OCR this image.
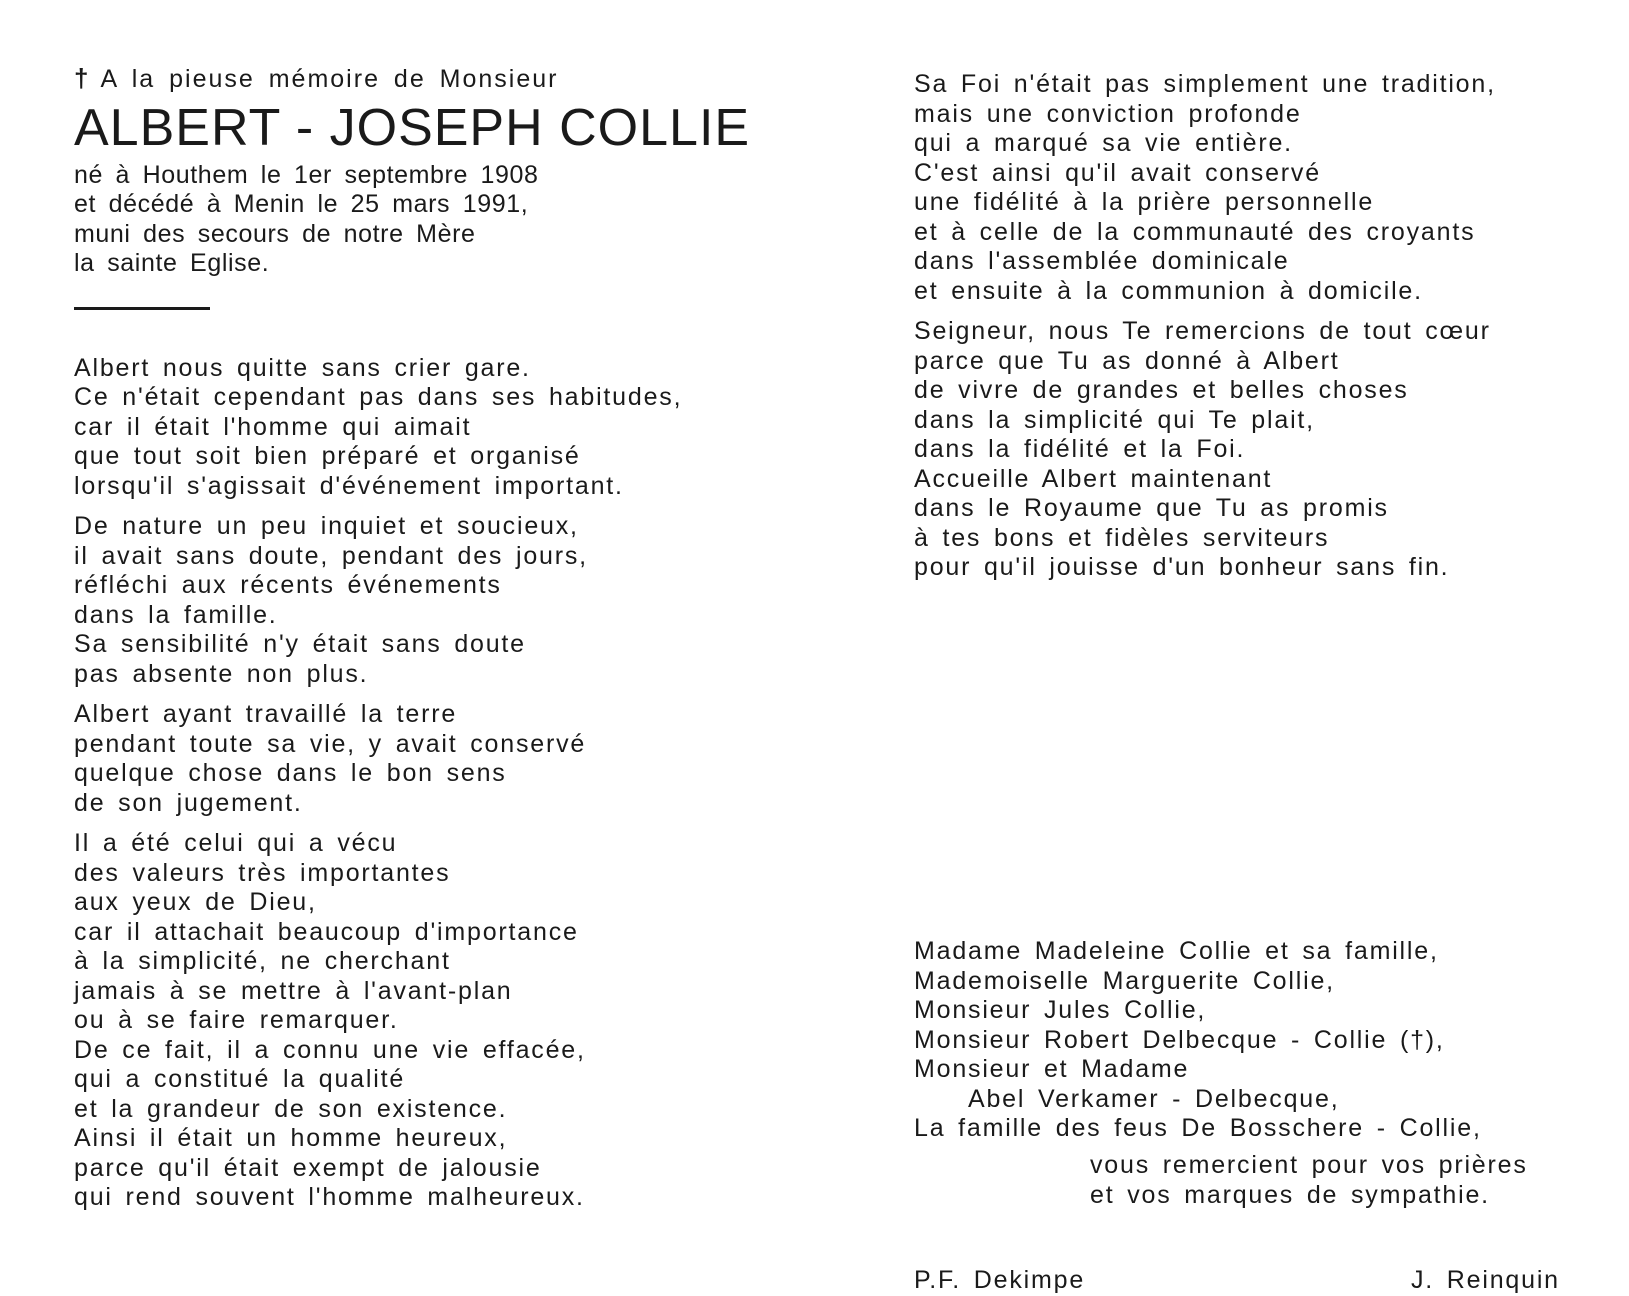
† A la pieuse mémoire de Monsieur
ALBERT - JOSEPH COLLIE
né à Houthem le 1er septembre 1908
et décédé à Menin le 25 mars 1991,
muni des secours de notre Mère
la sainte Eglise.
Albert nous quitte sans crier gare.
Ce n'était cependant pas dans ses habitudes,
car il était l'homme qui aimait
que tout soit bien préparé et organisé
lorsqu'il s'agissait d'événement important.
De nature un peu inquiet et soucieux,
il avait sans doute, pendant des jours,
réfléchi aux récents événements
dans la famille.
Sa sensibilité n'y était sans doute
pas absente non plus.
Albert ayant travaillé la terre
pendant toute sa vie, y avait conservé
quelque chose dans le bon sens
de son jugement.
Il a été celui qui a vécu
des valeurs très importantes
aux yeux de Dieu,
car il attachait beaucoup d'importance
à la simplicité, ne cherchant
jamais à se mettre à l'avant-plan
ou à se faire remarquer.
De ce fait, il a connu une vie effacée,
qui a constitué la qualité
et la grandeur de son existence.
Ainsi il était un homme heureux,
parce qu'il était exempt de jalousie
qui rend souvent l'homme malheureux.
Sa Foi n'était pas simplement une tradition,
mais une conviction profonde
qui a marqué sa vie entière.
C'est ainsi qu'il avait conservé
une fidélité à la prière personnelle
et à celle de la communauté des croyants
dans l'assemblée dominicale
et ensuite à la communion à domicile.
Seigneur, nous Te remercions de tout cœur
parce que Tu as donné à Albert
de vivre de grandes et belles choses
dans la simplicité qui Te plait,
dans la fidélité et la Foi.
Accueille Albert maintenant
dans le Royaume que Tu as promis
à tes bons et fidèles serviteurs
pour qu'il jouisse d'un bonheur sans fin.
Madame Madeleine Collie et sa famille,
Mademoiselle Marguerite Collie,
Monsieur Jules Collie,
Monsieur Robert Delbecque - Collie (†),
Monsieur et Madame
Abel Verkamer - Delbecque,
La famille des feus De Bosschere - Collie,
vous remercient pour vos prières
et vos marques de sympathie.
P.F. Dekimpe	J. Reinquin
